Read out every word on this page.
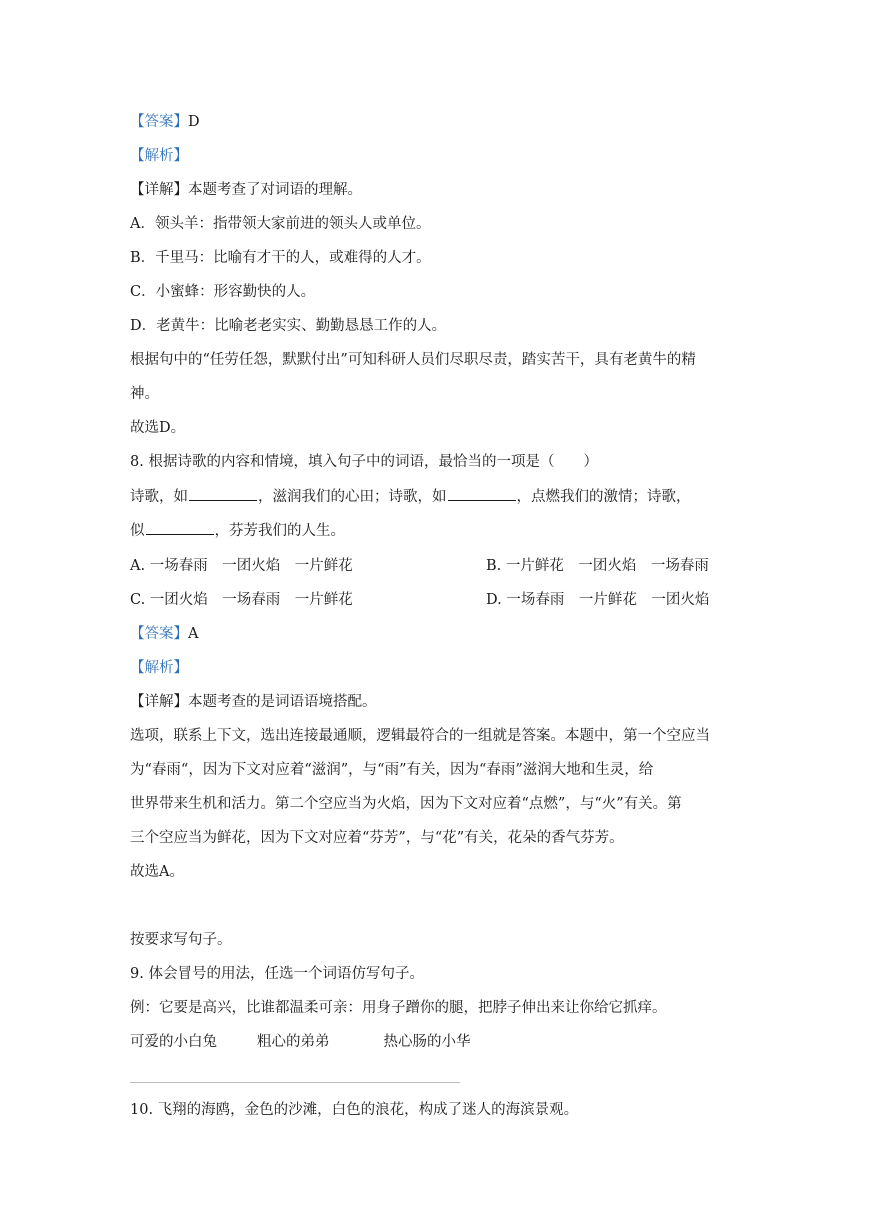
【答案】D
【解析】
【详解】本题考查了对词语的理解。
A．领头羊：指带领大家前进的领头人或单位。
B．千里马：比喻有才干的人，或难得的人才。
C．小蜜蜂：形容勤快的人。
D．老黄牛：比喻老老实实、勤勤恳恳工作的人。
根据句中的“任劳任怨，默默付出”可知科研人员们尽职尽责，踏实苦干，具有老黄牛的精
神。
故选D。
8. 根据诗歌的内容和情境，填入句子中的词语，最恰当的一项是（　　）
诗歌，如	，滋润我们的心田；诗歌，如	，点燃我们的激情；诗歌，
似	，芬芳我们的人生。
A. 一场春雨　一团火焰　一片鲜花	B. 一片鲜花　一团火焰　一场春雨
C. 一团火焰　一场春雨　一片鲜花	D. 一场春雨　一片鲜花　一团火焰
【答案】A
【解析】
【详解】本题考查的是词语语境搭配。
选项，联系上下文，选出连接最通顺，逻辑最符合的一组就是答案。本题中，第一个空应当
为“春雨“，因为下文对应着“滋润”，与“雨”有关，因为“春雨”滋润大地和生灵，给
世界带来生机和活力。第二个空应当为火焰，因为下文对应着“点燃”，与“火”有关。第
三个空应当为鲜花，因为下文对应着“芬芳”，与“花”有关，花朵的香气芬芳。
故选A。
按要求写句子。
9. 体会冒号的用法，任选一个词语仿写句子。
例：它要是高兴，比谁都温柔可亲：用身子蹭你的腿，把脖子伸出来让你给它抓痒。
可爱的小白兔	粗心的弟弟	热心肠的小华
10. 飞翔的海鸥，金色的沙滩，白色的浪花，构成了迷人的海滨景观。
